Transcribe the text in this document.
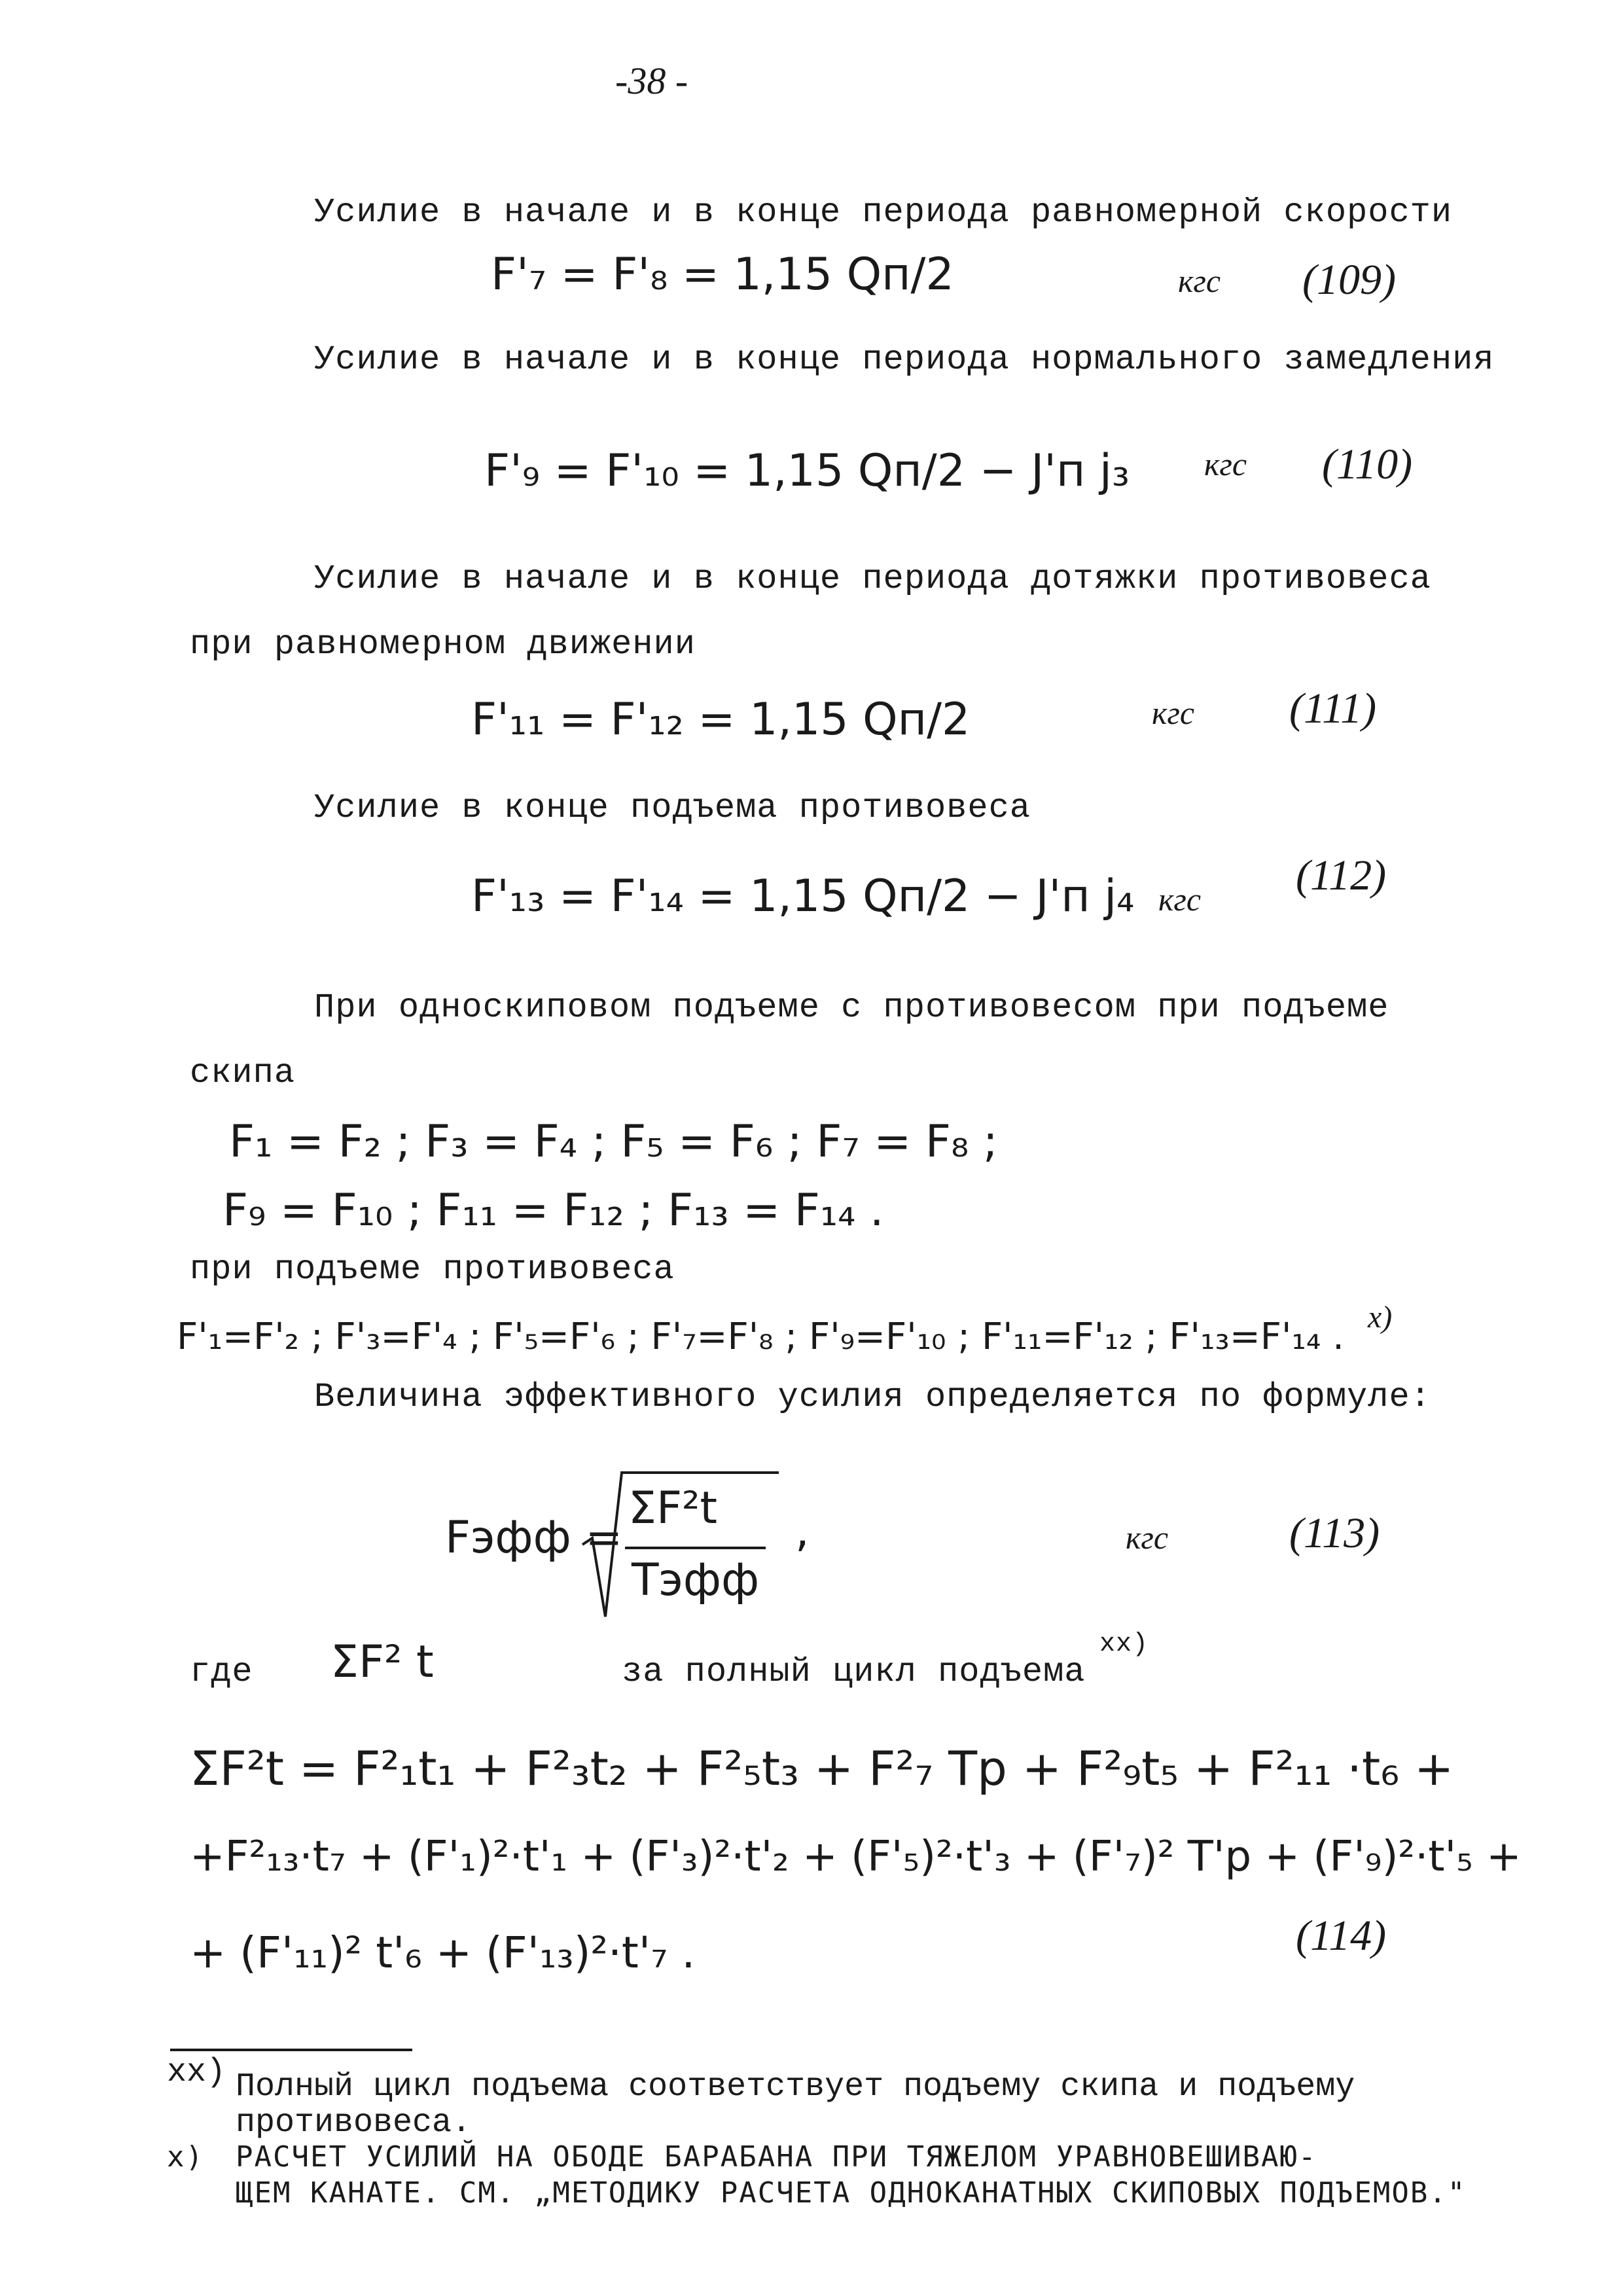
-38 -
Усилие в начале и в конце периода равномерной скорости
F'₇ = F'₈ = 1,15 Qп/2	кгс (109)
Усилие в начале и в конце периода нормального замедления
F'₉ = F'₁₀ = 1,15 Qп/2 − J'п j₃ кгс (110)
Усилие в начале и в конце периода дотяжки противовеса
при равномерном движении
F'₁₁ = F'₁₂ = 1,15 Qп/2	кгс (111)
Усилие в конце подъема противовеса
F'₁₃ = F'₁₄ = 1,15 Qп/2 − J'п j₄ кгс (112)
При односкиповом подъеме с противовесом при подъеме
скипа
F₁ = F₂ ; F₃ = F₄ ; F₅ = F₆ ; F₇ = F₈ ;
F₉ = F₁₀ ; F₁₁ = F₁₂ ; F₁₃ = F₁₄ .
при подъеме противовеса
F'₁=F'₂ ; F'₃=F'₄ ; F'₅=F'₆ ; F'₇=F'₈ ; F'₉=F'₁₀ ; F'₁₁=F'₁₂ ; F'₁₃=F'₁₄ . x)
Величина эффективного усилия определяется по формуле:
Fэфф =
ΣF²t
Tэфф
,	кгс	(113)
где ΣF² t	за полный цикл подъема
xx)
ΣF²t = F²₁t₁ + F²₃t₂ + F²₅t₃ + F²₇ Tp + F²₉t₅ + F²₁₁ ·t₆ +
+F²₁₃·t₇ + (F'₁)²·t'₁ + (F'₃)²·t'₂ + (F'₅)²·t'₃ + (F'₇)² T'p + (F'₉)²·t'₅ +
+ (F'₁₁)² t'₆ + (F'₁₃)²·t'₇ .	(114)
xx) Полный цикл подъема соответствует подъему скипа и подъему
противовеса.
x) РАСЧЕТ УСИЛИЙ НА ОБОДЕ БАРАБАНА ПРИ ТЯЖЕЛОМ УРАВНОВЕШИВАЮ-
ЩЕМ КАНАТЕ. СМ. „МЕТОДИКУ РАСЧЕТА ОДНОКАНАТНЫХ СКИПОВЫХ ПОДЪЕМОВ."
